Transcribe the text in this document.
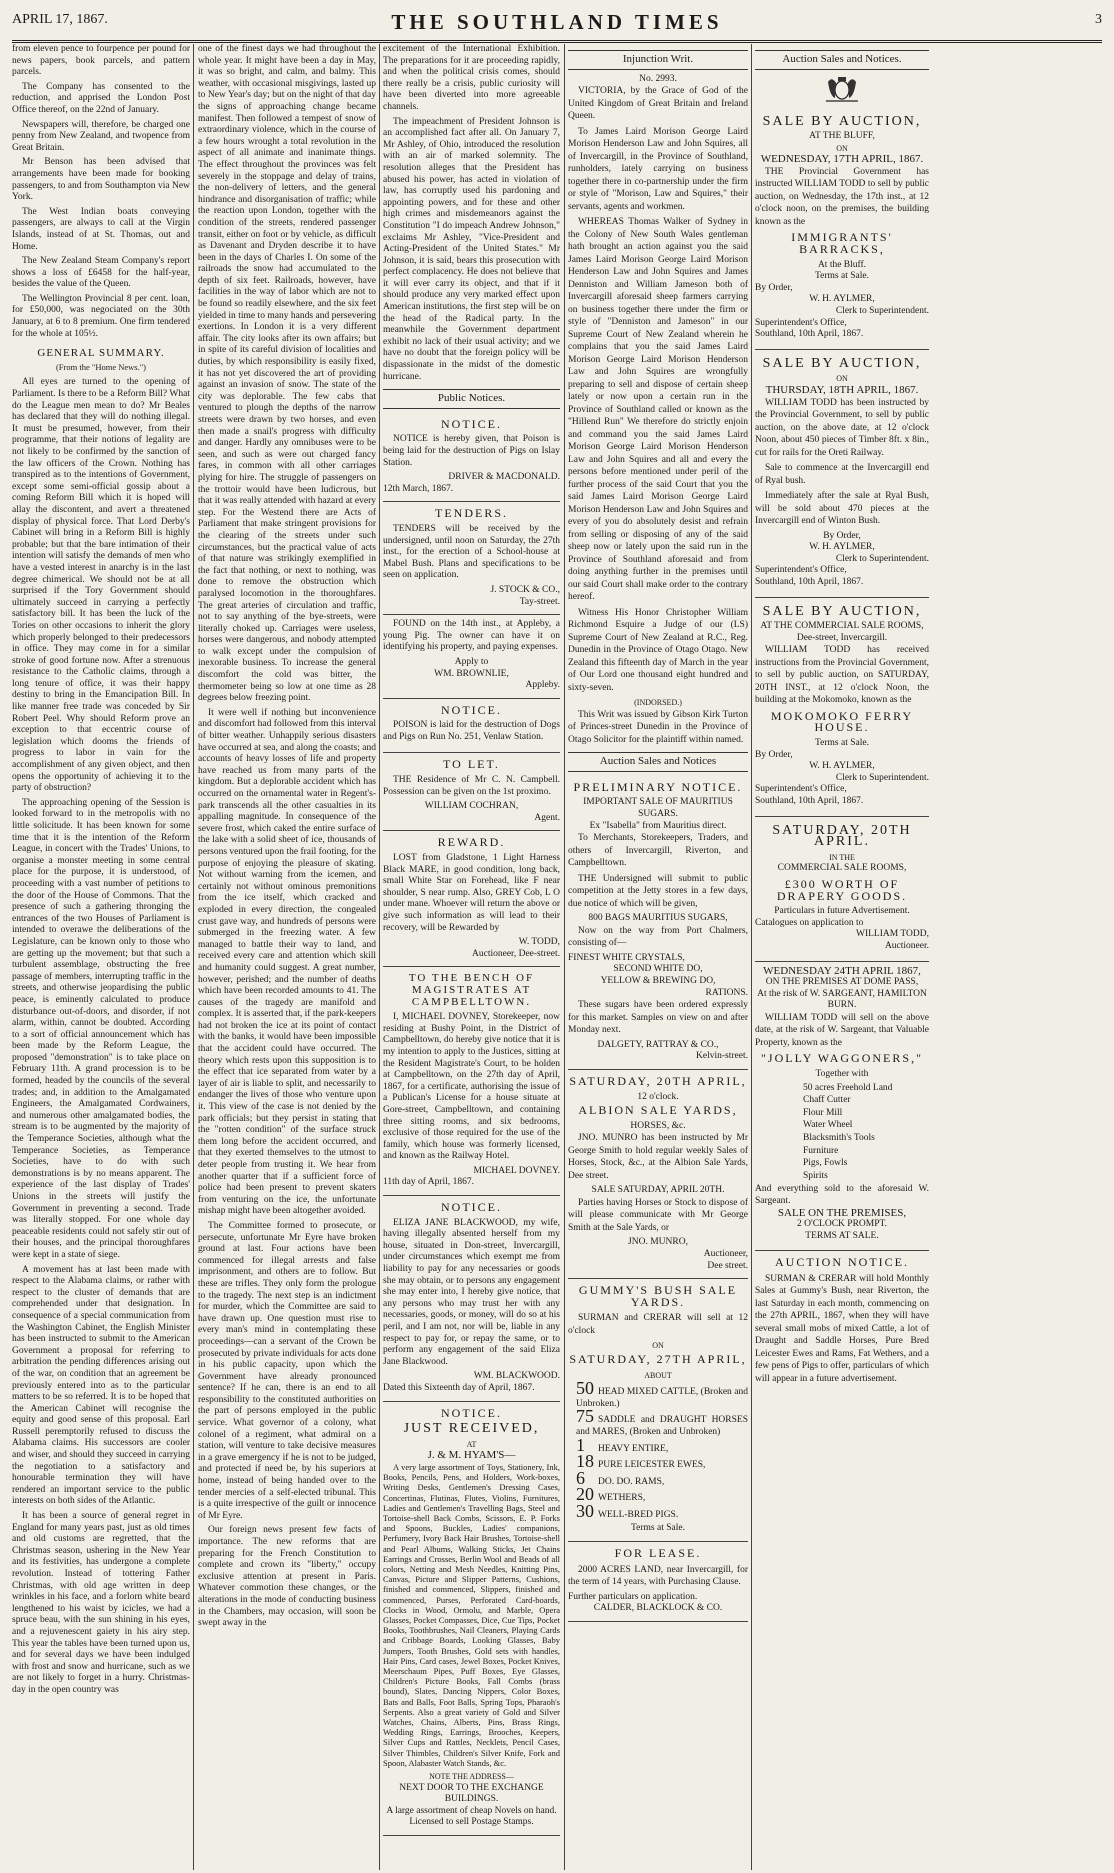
APRIL 17, 1867.	THE SOUTHLAND TIMES	3

from eleven pence to fourpence per pound for news papers, book parcels, and pattern parcels.

The Company has consented to the reduction, and apprised the London Post Office thereof, on the 22nd of January.

Newspapers will, therefore, be charged one penny from New Zealand, and twopence from Great Britain.

Mr Benson has been advised that arrangements have been made for booking passengers, to and from Southampton via New York.

The West Indian boats conveying passengers, are always to call at the Virgin Islands, instead of at St. Thomas, out and Home.

The New Zealand Steam Company's report shows a loss of £6458 for the half-year, besides the value of the Queen.

The Wellington Provincial 8 per cent. loan, for £50,000, was negociated on the 30th January, at 6 to 8 premium. One firm tendered for the whole at 105½.

GENERAL SUMMARY.
(From the "Home News.")

All eyes are turned to the opening of Parliament. Is there to be a Reform Bill? What do the League men mean to do? Mr Beales has declared that they will do nothing illegal. It must be presumed, however, from their programme, that their notions of legality are not likely to be confirmed by the sanction of the law officers of the Crown. Nothing has transpired as to the intentions of Government, except some semi-official gossip about a coming Reform Bill which it is hoped will allay the discontent, and avert a threatened display of physical force. That Lord Derby's Cabinet will bring in a Reform Bill is highly probable; but that the bare intimation of their intention will satisfy the demands of men who have a vested interest in anarchy is in the last degree chimerical. We should not be at all surprised if the Tory Government should ultimately succeed in carrying a perfectly satisfactory bill. It has been the luck of the Tories on other occasions to inherit the glory which properly belonged to their predecessors in office. They may come in for a similar stroke of good fortune now. After a strenuous resistance to the Catholic claims, through a long tenure of office, it was their happy destiny to bring in the Emancipation Bill. In like manner free trade was conceded by Sir Robert Peel. Why should Reform prove an exception to that eccentric course of legislation which dooms the friends of progress to labor in vain for the accomplishment of any given object, and then opens the opportunity of achieving it to the party of obstruction?

The approaching opening of the Session is looked forward to in the metropolis with no little solicitude. It has been known for some time that it is the intention of the Reform League, in concert with the Trades' Unions, to organise a monster meeting in some central place for the purpose, it is understood, of proceeding with a vast number of petitions to the door of the House of Commons. That the presence of such a gathering thronging the entrances of the two Houses of Parliament is intended to overawe the deliberations of the Legislature, can be known only to those who are getting up the movement; but that such a turbulent assemblage, obstructing the free passage of members, interrupting traffic in the streets, and otherwise jeopardising the public peace, is eminently calculated to produce disturbance out-of-doors, and disorder, if not alarm, within, cannot be doubted. According to a sort of official announcement which has been made by the Reform League, the proposed "demonstration" is to take place on February 11th. A grand procession is to be formed, headed by the councils of the several trades; and, in addition to the Amalgamated Engineers, the Amalgamated Cordwainers, and numerous other amalgamated bodies, the stream is to be augmented by the majority of the Temperance Societies, although what the Temperance Societies, as Temperance Societies, have to do with such demonstrations is by no means apparent. The experience of the last display of Trades' Unions in the streets will justify the Government in preventing a second. Trade was literally stopped. For one whole day peaceable residents could not safely stir out of their houses, and the principal thoroughfares were kept in a state of siege.

A movement has at last been made with respect to the Alabama claims, or rather with respect to the cluster of demands that are comprehended under that designation. In consequence of a special communication from the Washington Cabinet, the English Minister has been instructed to submit to the American Government a proposal for referring to arbitration the pending differences arising out of the war, on condition that an agreement be previously entered into as to the particular matters to be so referred. It is to be hoped that the American Cabinet will recognise the equity and good sense of this proposal. Earl Russell peremptorily refused to discuss the Alabama claims. His successors are cooler and wiser, and should they succeed in carrying the negotiation to a satisfactory and honourable termination they will have rendered an important service to the public interests on both sides of the Atlantic.

It has been a source of general regret in England for many years past, just as old times and old customs are regretted, that the Christmas season, ushering in the New Year and its festivities, has undergone a complete revolution. Instead of tottering Father Christmas, with old age written in deep wrinkles in his face, and a forlorn white beard lengthened to his waist by icicles, we had a spruce beau, with the sun shining in his eyes, and a rejuvenescent gaiety in his airy step. This year the tables have been turned upon us, and for several days we have been indulged with frost and snow and hurricane, such as we are not likely to forget in a hurry. Christmas-day in the open country was

one of the finest days we had throughout the whole year. It might have been a day in May, it was so bright, and calm, and balmy. This weather, with occasional misgivings, lasted up to New Year's day; but on the night of that day the signs of approaching change became manifest. Then followed a tempest of snow of extraordinary violence, which in the course of a few hours wrought a total revolution in the aspect of all animate and inanimate things. The effect throughout the provinces was felt severely in the stoppage and delay of trains, the non-delivery of letters, and the general hindrance and disorganisation of traffic; while the reaction upon London, together with the condition of the streets, rendered passenger transit, either on foot or by vehicle, as difficult as Davenant and Dryden describe it to have been in the days of Charles I. On some of the railroads the snow had accumulated to the depth of six feet. Railroads, however, have facilities in the way of labor which are not to be found so readily elsewhere, and the six feet yielded in time to many hands and persevering exertions. In London it is a very different affair. The city looks after its own affairs; but in spite of its careful division of localities and duties, by which responsibility is easily fixed, it has not yet discovered the art of providing against an invasion of snow. The state of the city was deplorable. The few cabs that ventured to plough the depths of the narrow streets were drawn by two horses, and even then made a snail's progress with difficulty and danger. Hardly any omnibuses were to be seen, and such as were out charged fancy fares, in common with all other carriages plying for hire. The struggle of passengers on the trottoir would have been ludicrous, but that it was really attended with hazard at every step. For the Westend there are Acts of Parliament that make stringent provisions for the clearing of the streets under such circumstances, but the practical value of acts of that nature was strikingly exemplified in the fact that nothing, or next to nothing, was done to remove the obstruction which paralysed locomotion in the thoroughfares. The great arteries of circulation and traffic, not to say anything of the bye-streets, were literally choked up. Carriages were useless, horses were dangerous, and nobody attempted to walk except under the compulsion of inexorable business. To increase the general discomfort the cold was bitter, the thermometer being so low at one time as 28 degrees below freezing point.

It were well if nothing but inconvenience and discomfort had followed from this interval of bitter weather. Unhappily serious disasters have occurred at sea, and along the coasts; and accounts of heavy losses of life and property have reached us from many parts of the kingdom. But a deplorable accident which has occurred on the ornamental water in Regent's-park transcends all the other casualties in its appalling magnitude. In consequence of the severe frost, which caked the entire surface of the lake with a solid sheet of ice, thousands of persons ventured upon the frail footing, for the purpose of enjoying the pleasure of skating. Not without warning from the icemen, and certainly not without ominous premonitions from the ice itself, which cracked and exploded in every direction, the congealed crust gave way, and hundreds of persons were submerged in the freezing water. A few managed to battle their way to land, and received every care and attention which skill and humanity could suggest. A great number, however, perished; and the number of deaths which have been recorded amounts to 41. The causes of the tragedy are manifold and complex. It is asserted that, if the park-keepers had not broken the ice at its point of contact with the banks, it would have been impossible that the accident could have occurred. The theory which rests upon this supposition is to the effect that ice separated from water by a layer of air is liable to split, and necessarily to endanger the lives of those who venture upon it. This view of the case is not denied by the park officials; but they persist in stating that the "rotten condition" of the surface struck them long before the accident occurred, and that they exerted themselves to the utmost to deter people from trusting it. We hear from another quarter that if a sufficient force of police had been present to prevent skaters from venturing on the ice, the unfortunate mishap might have been altogether avoided.

The Committee formed to prosecute, or persecute, unfortunate Mr Eyre have broken ground at last. Four actions have been commenced for illegal arrests and false imprisonment, and others are to follow. But these are trifles. They only form the prologue to the tragedy. The next step is an indictment for murder, which the Committee are said to have drawn up. One question must rise to every man's mind in contemplating these proceedings—can a servant of the Crown be prosecuted by private individuals for acts done in his public capacity, upon which the Government have already pronounced sentence? If he can, there is an end to all responsibility to the constituted authorities on the part of persons employed in the public service. What governor of a colony, what colonel of a regiment, what admiral on a station, will venture to take decisive measures in a grave emergency if he is not to be judged, and protected if need be, by his superiors at home, instead of being handed over to the tender mercies of a self-elected tribunal. This is a quite irrespective of the guilt or innocence of Mr Eyre.

Our foreign news present few facts of importance. The new reforms that are preparing for the French Constitution to complete and crown its "liberty," occupy exclusive attention at present in Paris. Whatever commotion these changes, or the alterations in the mode of conducting business in the Chambers, may occasion, will soon be swept away in the

excitement of the International Exhibition. The preparations for it are proceeding rapidly, and when the political crisis comes, should there really be a crisis, public curiosity will have been diverted into more agreeable channels.

The impeachment of President Johnson is an accomplished fact after all. On January 7, Mr Ashley, of Ohio, introduced the resolution with an air of marked solemnity. The resolution alleges that the President has abused his power, has acted in violation of law, has corruptly used his pardoning and appointing powers, and for these and other high crimes and misdemeanors against the Constitution "I do impeach Andrew Johnson," exclaims Mr Ashley, "Vice-President and Acting-President of the United States." Mr Johnson, it is said, bears this prosecution with perfect complacency. He does not believe that it will ever carry its object, and that if it should produce any very marked effect upon American institutions, the first step will be on the head of the Radical party. In the meanwhile the Government department exhibit no lack of their usual activity; and we have no doubt that the foreign policy will be dispassionate in the midst of the domestic hurricane.

Public Notices.
NOTICE.

NOTICE is hereby given, that Poison is being laid for the destruction of Pigs on Islay Station.

DRIVER & MACDONALD.
12th March, 1867.
TENDERS.

TENDERS will be received by the undersigned, until noon on Saturday, the 27th inst., for the erection of a School-house at Mabel Bush. Plans and specifications to be seen on application.

J. STOCK & CO.,
Tay-street.

FOUND on the 14th inst., at Appleby, a young Pig. The owner can have it on identifying his property, and paying expenses.

Apply to
WM. BROWNLIE,
Appleby.
NOTICE.

POISON is laid for the destruction of Dogs and Pigs on Run No. 251, Venlaw Station.

TO LET.

THE Residence of Mr C. N. Campbell. Possession can be given on the 1st proximo.

WILLIAM COCHRAN,
Agent.
REWARD.

LOST from Gladstone, 1 Light Harness Black MARE, in good condition, long back, small White Star on Forehead, like F near shoulder, S near rump. Also, GREY Cob, L O under mane. Whoever will return the above or give such information as will lead to their recovery, will be Rewarded by

W. TODD,
Auctioneer, Dee-street.
TO THE BENCH OF MAGISTRATES AT CAMPBELLTOWN.

I, MICHAEL DOVNEY, Storekeeper, now residing at Bushy Point, in the District of Campbelltown, do hereby give notice that it is my intention to apply to the Justices, sitting at the Resident Magistrate's Court, to be holden at Campbelltown, on the 27th day of April, 1867, for a certificate, authorising the issue of a Publican's License for a house situate at Gore-street, Campbelltown, and containing three sitting rooms, and six bedrooms, exclusive of those required for the use of the family, which house was formerly licensed, and known as the Railway Hotel.

MICHAEL DOVNEY.
11th day of April, 1867.
NOTICE.

ELIZA JANE BLACKWOOD, my wife, having illegally absented herself from my house, situated in Don-street, Invercargill, under circumstances which exempt me from liability to pay for any necessaries or goods she may obtain, or to persons any engagement she may enter into, I hereby give notice, that any persons who may trust her with any necessaries, goods, or money, will do so at his peril, and I am not, nor will be, liable in any respect to pay for, or repay the same, or to perform any engagement of the said Eliza Jane Blackwood.

WM. BLACKWOOD.
Dated this Sixteenth day of April, 1867.
NOTICE.
JUST RECEIVED,
AT
J. & M. HYAM'S—

A very large assortment of Toys, Stationery, Ink, Books, Pencils, Pens, and Holders, Work-boxes, Writing Desks, Gentlemen's Dressing Cases, Concertinas, Flutinas, Flutes, Violins, Furnitures, Ladies and Gentlemen's Travelling Bags, Steel and Tortoise-shell Back Combs, Scissors, E. P. Forks and Spoons, Buckles, Ladies' companions, Perfumery, Ivory Back Hair Brushes, Tortoise-shell and Pearl Albums, Walking Sticks, Jet Chains Earrings and Crosses, Berlin Wool and Beads of all colors, Netting and Mesh Needles, Knitting Pins, Canvas, Picture and Slipper Patterns, Cushions, finished and commenced, Slippers, finished and commenced, Purses, Perforated Card-boards, Clocks in Wood, Ormolu, and Marble, Opera Glasses, Pocket Compasses, Dice, Cue Tips, Pocket Books, Toothbrushes, Nail Cleaners, Playing Cards and Cribbage Boards, Looking Glasses, Baby Jumpers, Tooth Brushes, Gold sets with handles, Hair Pins, Card cases, Jewel Boxes, Pocket Knives, Meerschaum Pipes, Puff Boxes, Eye Glasses, Children's Picture Books, Fall Combs (brass bound), Slates, Dancing Nippers, Color Boxes, Bats and Balls, Foot Balls, Spring Tops, Pharaoh's Serpents. Also a great variety of Gold and Silver Watches, Chains, Alberts, Pins, Brass Rings, Wedding Rings, Earrings, Brooches, Keepers, Silver Cups and Rattles, Necklets, Pencil Cases, Silver Thimbles, Children's Silver Knife, Fork and Spoon, Alabaster Watch Stands, &c.

NOTE THE ADDRESS—
NEXT DOOR TO THE EXCHANGE BUILDINGS.
A large assortment of cheap Novels on hand.
Licensed to sell Postage Stamps.
Injunction Writ.
No. 2993.

VICTORIA, by the Grace of God of the United Kingdom of Great Britain and Ireland Queen.

To James Laird Morison George Laird Morison Henderson Law and John Squires, all of Invercargill, in the Province of Southland, runholders, lately carrying on business together there in co-partnership under the firm or style of "Morison, Law and Squires," their servants, agents and workmen.

WHEREAS Thomas Walker of Sydney in the Colony of New South Wales gentleman hath brought an action against you the said James Laird Morison George Laird Morison Henderson Law and John Squires and James Denniston and William Jameson both of Invercargill aforesaid sheep farmers carrying on business together there under the firm or style of "Denniston and Jameson" in our Supreme Court of New Zealand wherein he complains that you the said James Laird Morison George Laird Morison Henderson Law and John Squires are wrongfully preparing to sell and dispose of certain sheep lately or now upon a certain run in the Province of Southland called or known as the "Hillend Run" We therefore do strictly enjoin and command you the said James Laird Morison George Laird Morison Henderson Law and John Squires and all and every the persons before mentioned under peril of the further process of the said Court that you the said James Laird Morison George Laird Morison Henderson Law and John Squires and every of you do absolutely desist and refrain from selling or disposing of any of the said sheep now or lately upon the said run in the Province of Southland aforesaid and from doing anything further in the premises until our said Court shall make order to the contrary hereof.

Witness His Honor Christopher William Richmond Esquire a Judge of our (LS) Supreme Court of New Zealand at R.C., Reg. Dunedin in the Province of Otago Otago. New Zealand this fifteenth day of March in the year of Our Lord one thousand eight hundred and sixty-seven.

(INDORSED.)

This Writ was issued by Gibson Kirk Turton of Princes-street Dunedin in the Province of Otago Solicitor for the plaintiff within named.

Auction Sales and Notices
PRELIMINARY NOTICE.
IMPORTANT SALE OF MAURITIUS SUGARS.
Ex "Isabella" from Mauritius direct.

To Merchants, Storekeepers, Traders, and others of Invercargill, Riverton, and Campbelltown.

THE Undersigned will submit to public competition at the Jetty stores in a few days, due notice of which will be given,

800 BAGS MAURITIUS SUGARS,

Now on the way from Port Chalmers, consisting of—

FINEST WHITE CRYSTALS,
SECOND WHITE DO,
YELLOW & BREWING DO,
RATIONS.

These sugars have been ordered expressly for this market. Samples on view on and after Monday next.

DALGETY, RATTRAY & CO.,
Kelvin-street.
SATURDAY, 20TH APRIL,
12 o'clock.
ALBION SALE YARDS,
HORSES, &c.

JNO. MUNRO has been instructed by Mr George Smith to hold regular weekly Sales of Horses, Stock, &c., at the Albion Sale Yards, Dee street.

SALE SATURDAY, APRIL 20TH.

Parties having Horses or Stock to dispose of will please communicate with Mr George Smith at the Sale Yards, or

JNO. MUNRO,
Auctioneer,
Dee street.
GUMMY'S BUSH SALE YARDS.

SURMAN and CRERAR will sell at 12 o'clock

ON
SATURDAY, 27TH APRIL,
ABOUT
50 HEAD MIXED CATTLE, (Broken and Unbroken.)
75 SADDLE and DRAUGHT HORSES and MARES, (Broken and Unbroken)
1 HEAVY ENTIRE,
18 PURE LEICESTER EWES,
6 DO. DO. RAMS,
20 WETHERS,
30 WELL-BRED PIGS.
Terms at Sale.
FOR LEASE.

2000 ACRES LAND, near Invercargill, for the term of 14 years, with Purchasing Clause.

Further particulars on application.
CALDER, BLACKLOCK & CO.
Auction Sales and Notices.
SALE BY AUCTION,
AT THE BLUFF,
ON
WEDNESDAY, 17TH APRIL, 1867.

THE Provincial Government has instructed WILLIAM TODD to sell by public auction, on Wednesday, the 17th inst., at 12 o'clock noon, on the premises, the building known as the

IMMIGRANTS' BARRACKS,
At the Bluff.
Terms at Sale.
By Order,
W. H. AYLMER,
Clerk to Superintendent.
Superintendent's Office,
Southland, 10th April, 1867.
SALE BY AUCTION,
ON
THURSDAY, 18TH APRIL, 1867.

WILLIAM TODD has been instructed by the Provincial Government, to sell by public auction, on the above date, at 12 o'clock Noon, about 450 pieces of Timber 8ft. x 8in., cut for rails for the Oreti Railway.

Sale to commence at the Invercargill end of Ryal bush.

Immediately after the sale at Ryal Bush, will be sold about 470 pieces at the Invercargill end of Winton Bush.

By Order,
W. H. AYLMER,
Clerk to Superintendent.
Superintendent's Office,
Southland, 10th April, 1867.
SALE BY AUCTION,
AT THE COMMERCIAL SALE ROOMS,
Dee-street, Invercargill.

WILLIAM TODD has received instructions from the Provincial Government, to sell by public auction, on SATURDAY, 20TH INST., at 12 o'clock Noon, the building at the Mokomoko, known as the

MOKOMOKO FERRY HOUSE.
Terms at Sale.
By Order,
W. H. AYLMER,
Clerk to Superintendent.
Superintendent's Office,
Southland, 10th April, 1867.
SATURDAY, 20TH APRIL.
IN THE
COMMERCIAL SALE ROOMS,
£300 WORTH OF DRAPERY GOODS.
Particulars in future Advertisement.
Catalogues on application to
WILLIAM TODD,
Auctioneer.
WEDNESDAY 24TH APRIL 1867,
ON THE PREMISES AT DOME PASS,
At the risk of W. SARGEANT, HAMILTON BURN.

WILLIAM TODD will sell on the above date, at the risk of W. Sargeant, that Valuable Property, known as the

"JOLLY WAGGONERS,"
Together with
50 acres Freehold Land
Chaff Cutter
Flour Mill
Water Wheel
Blacksmith's Tools
Furniture
Pigs, Fowls
Spirits
And everything sold to the aforesaid W. Sargeant.
SALE ON THE PREMISES,
2 O'CLOCK PROMPT.
TERMS AT SALE.
AUCTION NOTICE.

SURMAN & CRERAR will hold Monthly Sales at Gummy's Bush, near Riverton, the last Saturday in each month, commencing on the 27th APRIL, 1867, when they will have several small mobs of mixed Cattle, a lot of Draught and Saddle Horses, Pure Bred Leicester Ewes and Rams, Fat Wethers, and a few pens of Pigs to offer, particulars of which will appear in a future advertisement.
